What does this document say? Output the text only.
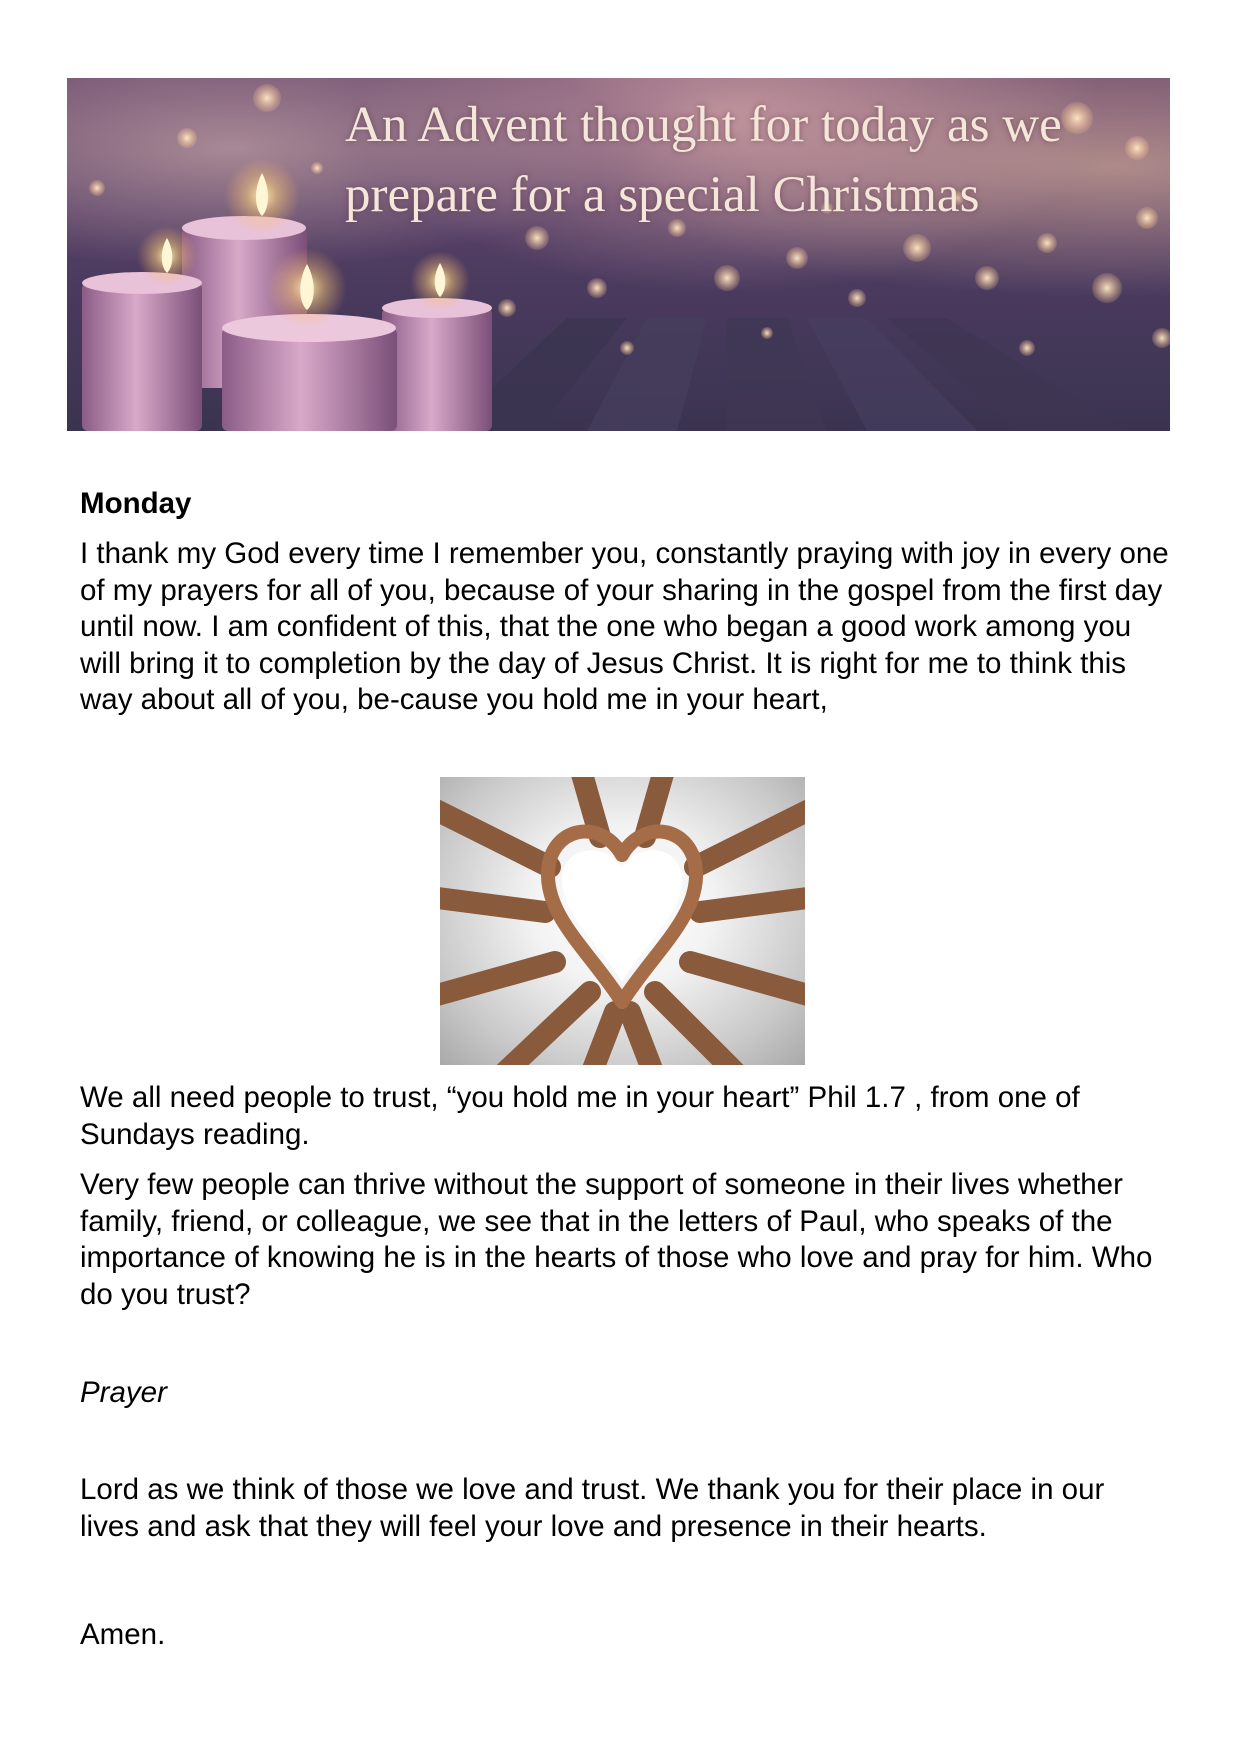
An Advent thought for today as we
prepare for a special Christmas

Monday

I thank my God every time I remember you, constantly praying with joy in every one of my prayers for all of you, because of your sharing in the gospel from the first day until now. I am confident of this, that the one who began a good work among you will bring it to completion by the day of Jesus Christ. It is right for me to think this way about all of you, be-cause you hold me in your heart,

We all need people to trust, “you hold me in your heart” Phil 1.7 , from one of Sundays reading.

Very few people can thrive without the support of someone in their lives whether family, friend, or colleague, we see that in the letters of Paul, who speaks of the importance of knowing he is in the hearts of those who love and pray for him. Who do you trust?

Prayer

Lord as we think of those we love and trust. We thank you for their place in our lives and ask that they will feel your love and presence in their hearts.

Amen.
